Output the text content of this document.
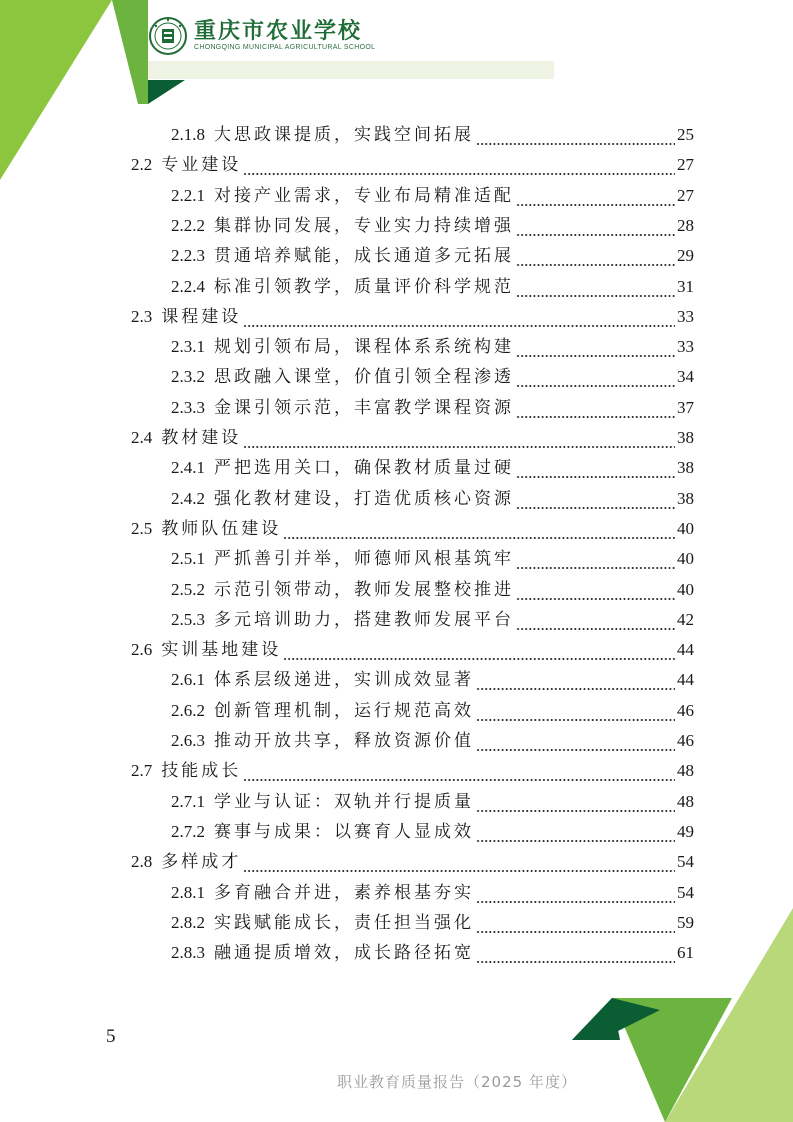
重庆市农业学校
CHONGQING MUNICIPAL AGRICULTURAL SCHOOL
2.1.8 大思政课提质，实践空间拓展	25
2.2 专业建设	27
2.2.1 对接产业需求，专业布局精准适配	27
2.2.2 集群协同发展，专业实力持续增强	28
2.2.3 贯通培养赋能，成长通道多元拓展	29
2.2.4 标准引领教学，质量评价科学规范	31
2.3 课程建设	33
2.3.1 规划引领布局，课程体系系统构建	33
2.3.2 思政融入课堂，价值引领全程渗透	34
2.3.3 金课引领示范，丰富教学课程资源	37
2.4 教材建设	38
2.4.1 严把选用关口，确保教材质量过硬	38
2.4.2 强化教材建设，打造优质核心资源	38
2.5 教师队伍建设	40
2.5.1 严抓善引并举，师德师风根基筑牢	40
2.5.2 示范引领带动，教师发展整校推进	40
2.5.3 多元培训助力，搭建教师发展平台	42
2.6 实训基地建设	44
2.6.1 体系层级递进，实训成效显著	44
2.6.2 创新管理机制，运行规范高效	46
2.6.3 推动开放共享，释放资源价值	46
2.7 技能成长	48
2.7.1 学业与认证：双轨并行提质量	48
2.7.2 赛事与成果：以赛育人显成效	49
2.8 多样成才	54
2.8.1 多育融合并进，素养根基夯实	54
2.8.2 实践赋能成长，责任担当强化	59
2.8.3 融通提质增效，成长路径拓宽	61
5
职业教育质量报告（2025 年度）
